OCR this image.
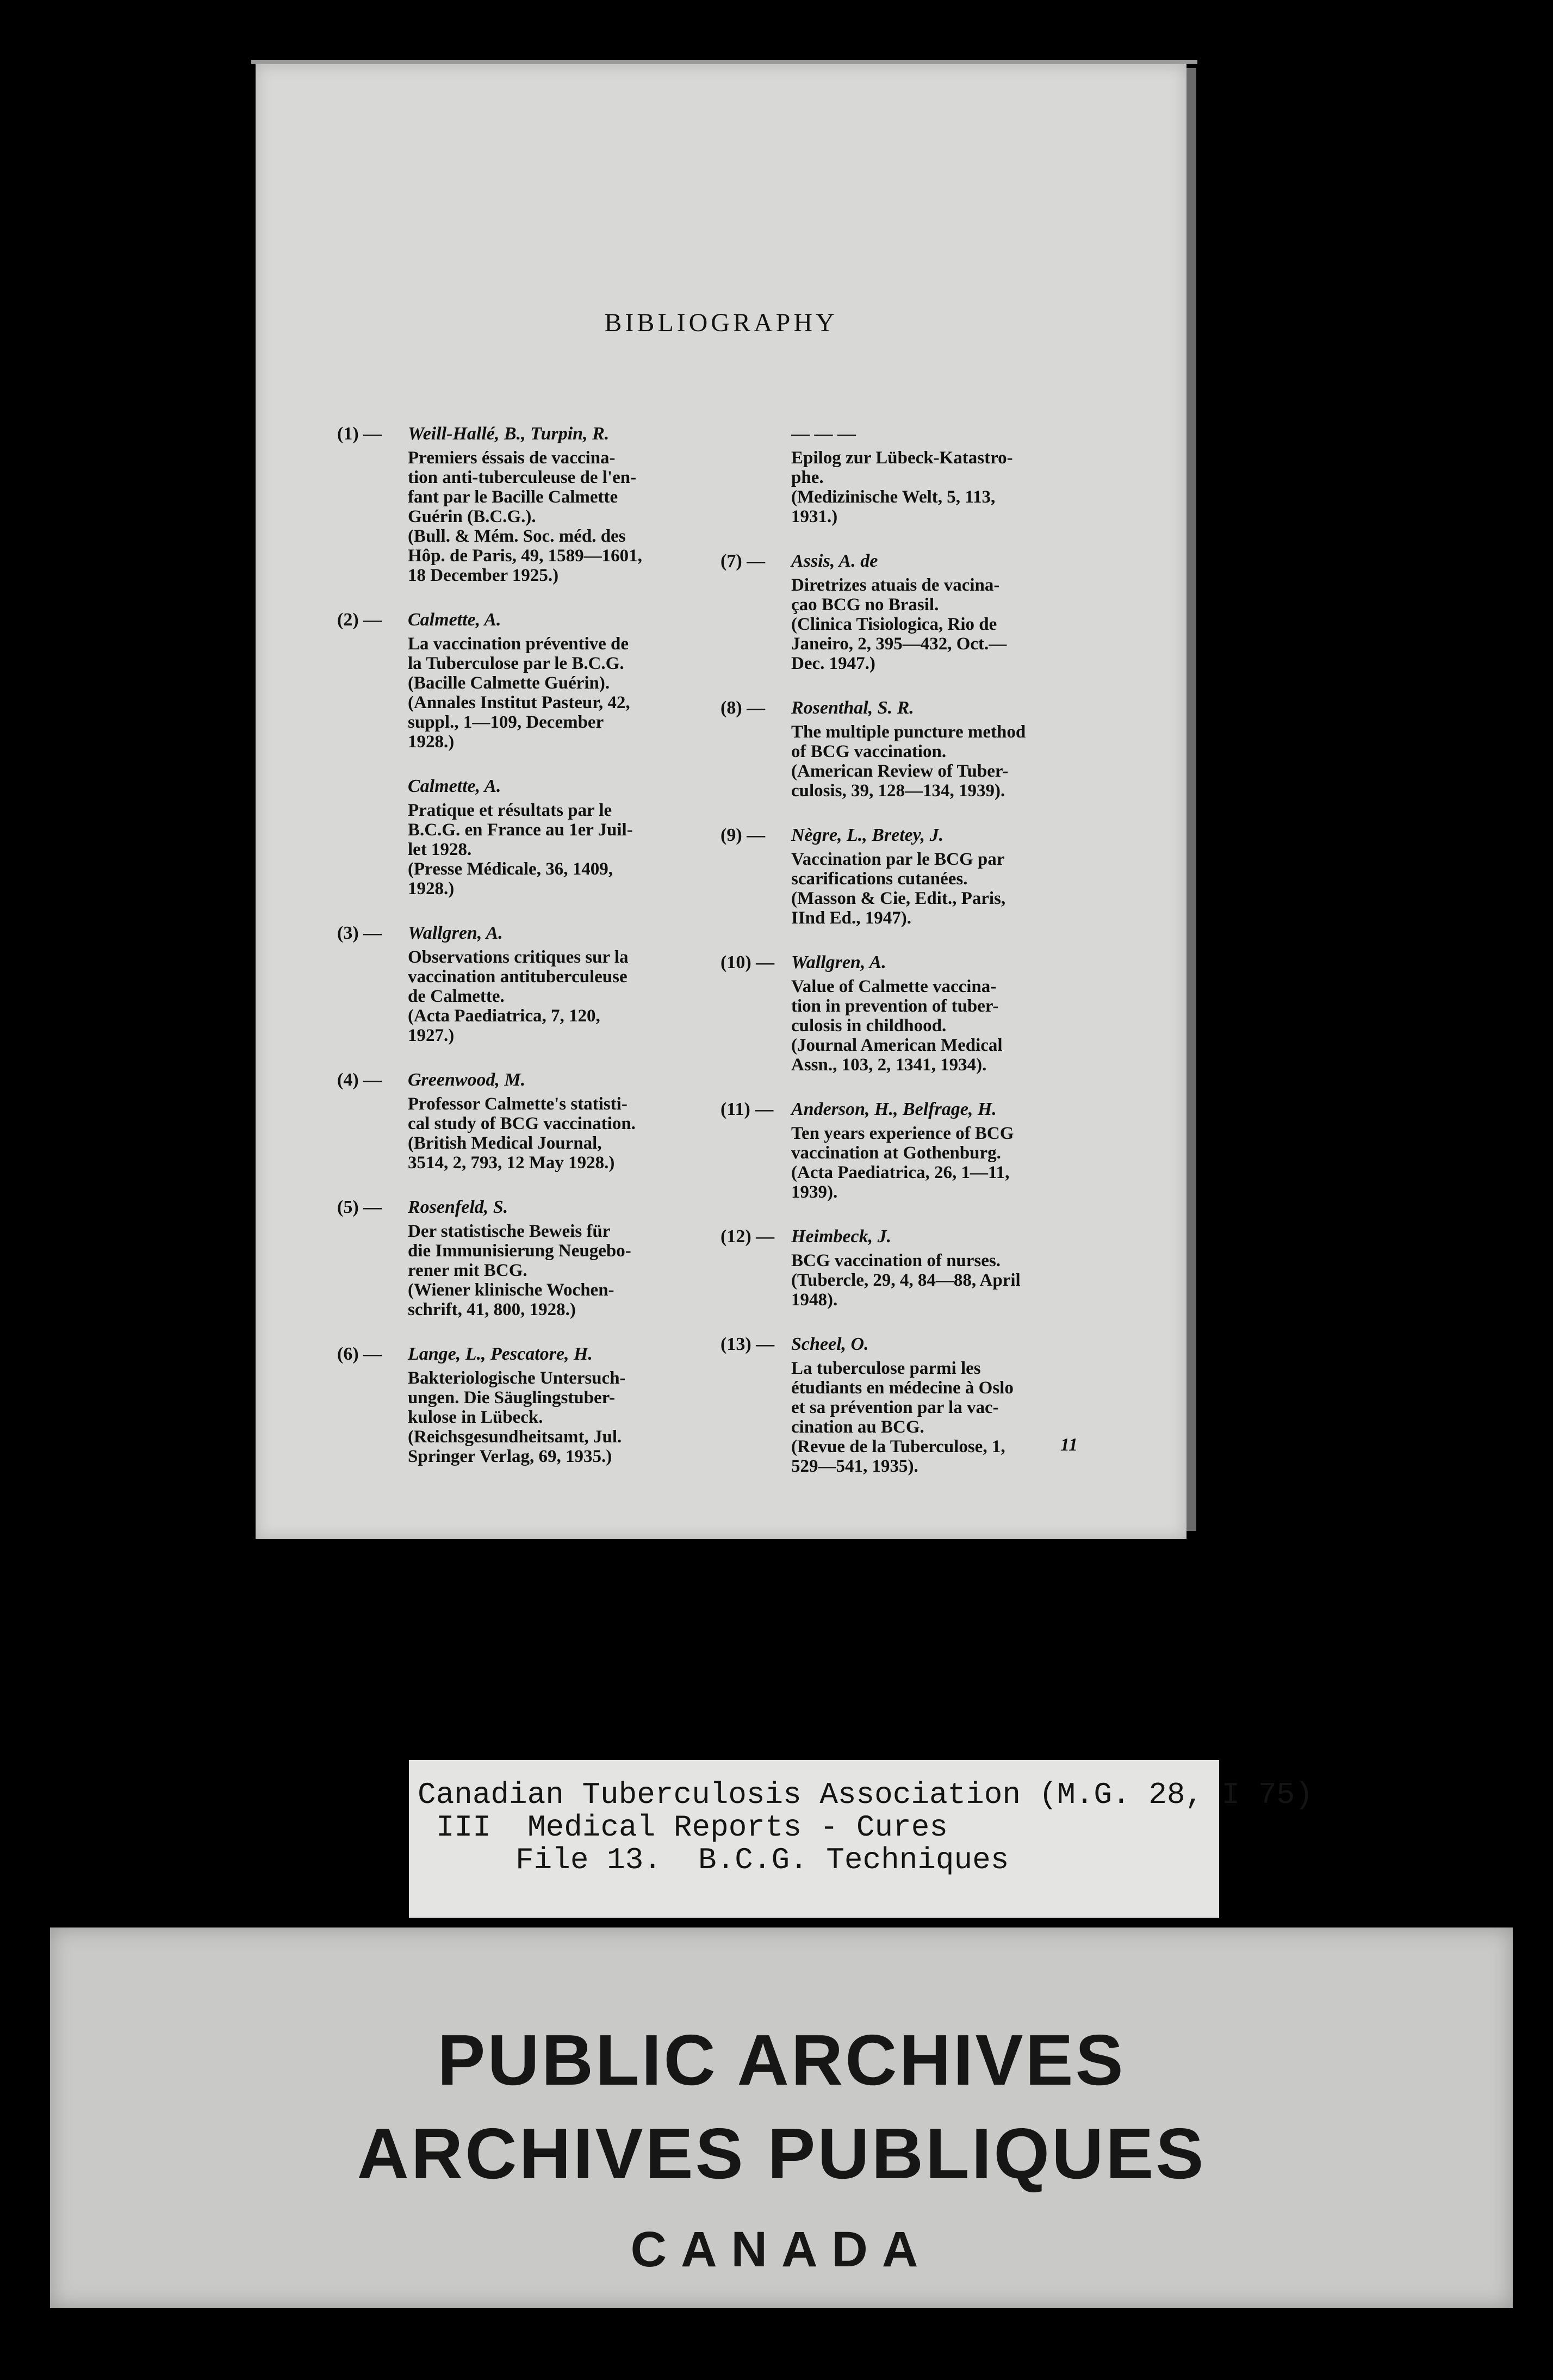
BIBLIOGRAPHY
(1) — Weill-Hallé, B., Turpin, R.
Premiers éssais de vaccina-
tion anti-tuberculeuse de l'en-
fant par le Bacille Calmette
Guérin (B.C.G.).
(Bull. & Mém. Soc. méd. des
Hôp. de Paris, 49, 1589—1601,
18 December 1925.)
(2) — Calmette, A.
La vaccination préventive de
la Tuberculose par le B.C.G.
(Bacille Calmette Guérin).
(Annales Institut Pasteur, 42,
suppl., 1—109, December
1928.)
Calmette, A.
Pratique et résultats par le
B.C.G. en France au 1er Juil-
let 1928.
(Presse Médicale, 36, 1409,
1928.)
(3) — Wallgren, A.
Observations critiques sur la
vaccination antituberculeuse
de Calmette.
(Acta Paediatrica, 7, 120,
1927.)
(4) — Greenwood, M.
Professor Calmette's statisti-
cal study of BCG vaccination.
(British Medical Journal,
3514, 2, 793, 12 May 1928.)
(5) — Rosenfeld, S.
Der statistische Beweis für
die Immunisierung Neugebo-
rener mit BCG.
(Wiener klinische Wochen-
schrift, 41, 800, 1928.)
(6) — Lange, L., Pescatore, H.
Bakteriologische Untersuch-
ungen. Die Säuglingstuber-
kulose in Lübeck.
(Reichsgesundheitsamt, Jul.
Springer Verlag, 69, 1935.)
— — —
Epilog zur Lübeck-Katastro-
phe.
(Medizinische Welt, 5, 113,
1931.)
(7) — Assis, A. de
Diretrizes atuais de vacina-
çao BCG no Brasil.
(Clinica Tisiologica, Rio de
Janeiro, 2, 395—432, Oct.—
Dec. 1947.)
(8) — Rosenthal, S. R.
The multiple puncture method
of BCG vaccination.
(American Review of Tuber-
culosis, 39, 128—134, 1939).
(9) — Nègre, L., Bretey, J.
Vaccination par le BCG par
scarifications cutanées.
(Masson & Cie, Edit., Paris,
IInd Ed., 1947).
(10) — Wallgren, A.
Value of Calmette vaccina-
tion in prevention of tuber-
culosis in childhood.
(Journal American Medical
Assn., 103, 2, 1341, 1934).
(11) — Anderson, H., Belfrage, H.
Ten years experience of BCG
vaccination at Gothenburg.
(Acta Paediatrica, 26, 1—11,
1939).
(12) — Heimbeck, J.
BCG vaccination of nurses.
(Tubercle, 29, 4, 84—88, April
1948).
(13) — Scheel, O.
La tuberculose parmi les
étudiants en médecine à Oslo
et sa prévention par la vac-
cination au BCG.
(Revue de la Tuberculose, 1,
529—541, 1935).
11
Canadian Tuberculosis Association (M.G. 28, I 75)
III  Medical Reports - Cures
File 13.  B.C.G. Techniques
PUBLIC ARCHIVES
ARCHIVES PUBLIQUES
CANADA
